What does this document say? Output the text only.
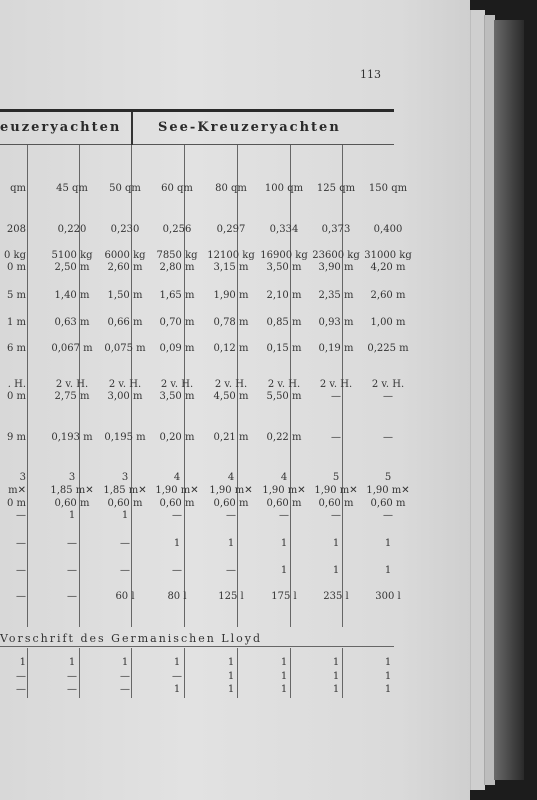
113
euzeryachten	See-Kreuzeryachten
qm
208
0 kg
0 m
5 m
1 m
6 m
. H.
0 m
9 m
3
m✕
0 m
—
—
—
—
1
—
—
45 qm
0,220
5100 kg
2,50 m
1,40 m
0,63 m
0,067 m
2 v. H.
2,75 m
0,193 m
3
1,85 m✕
0,60 m
1
—
—
—
1
—
—
50 qm
0,230
6000 kg
2,60 m
1,50 m
0,66 m
0,075 m
2 v. H.
3,00 m
0,195 m
3
1,85 m✕
0,60 m
1
—
—
60 l
1
—
—
60 qm
0,256
7850 kg
2,80 m
1,65 m
0,70 m
0,09 m
2 v. H.
3,50 m
0,20 m
4
1,90 m✕
0,60 m
—
1
—
80 l
1
—
1
80 qm
0,297
12100 kg
3,15 m
1,90 m
0,78 m
0,12 m
2 v. H.
4,50 m
0,21 m
4
1,90 m✕
0,60 m
—
1
—
125 l
1
1
1
100 qm
0,334
16900 kg
3,50 m
2,10 m
0,85 m
0,15 m
2 v. H.
5,50 m
0,22 m
4
1,90 m✕
0,60 m
—
1
1
175 l
1
1
1
125 qm
0,373
23600 kg
3,90 m
2,35 m
0,93 m
0,19 m
2 v. H.
—
—
5
1,90 m✕
0,60 m
—
1
1
235 l
1
1
1
150 qm
0,400
31000 kg
4,20 m
2,60 m
1,00 m
0,225 m
2 v. H.
—
—
5
1,90 m✕
0,60 m
—
1
1
300 l
1
1
1
Vorschrift des Germanischen Lloyd
